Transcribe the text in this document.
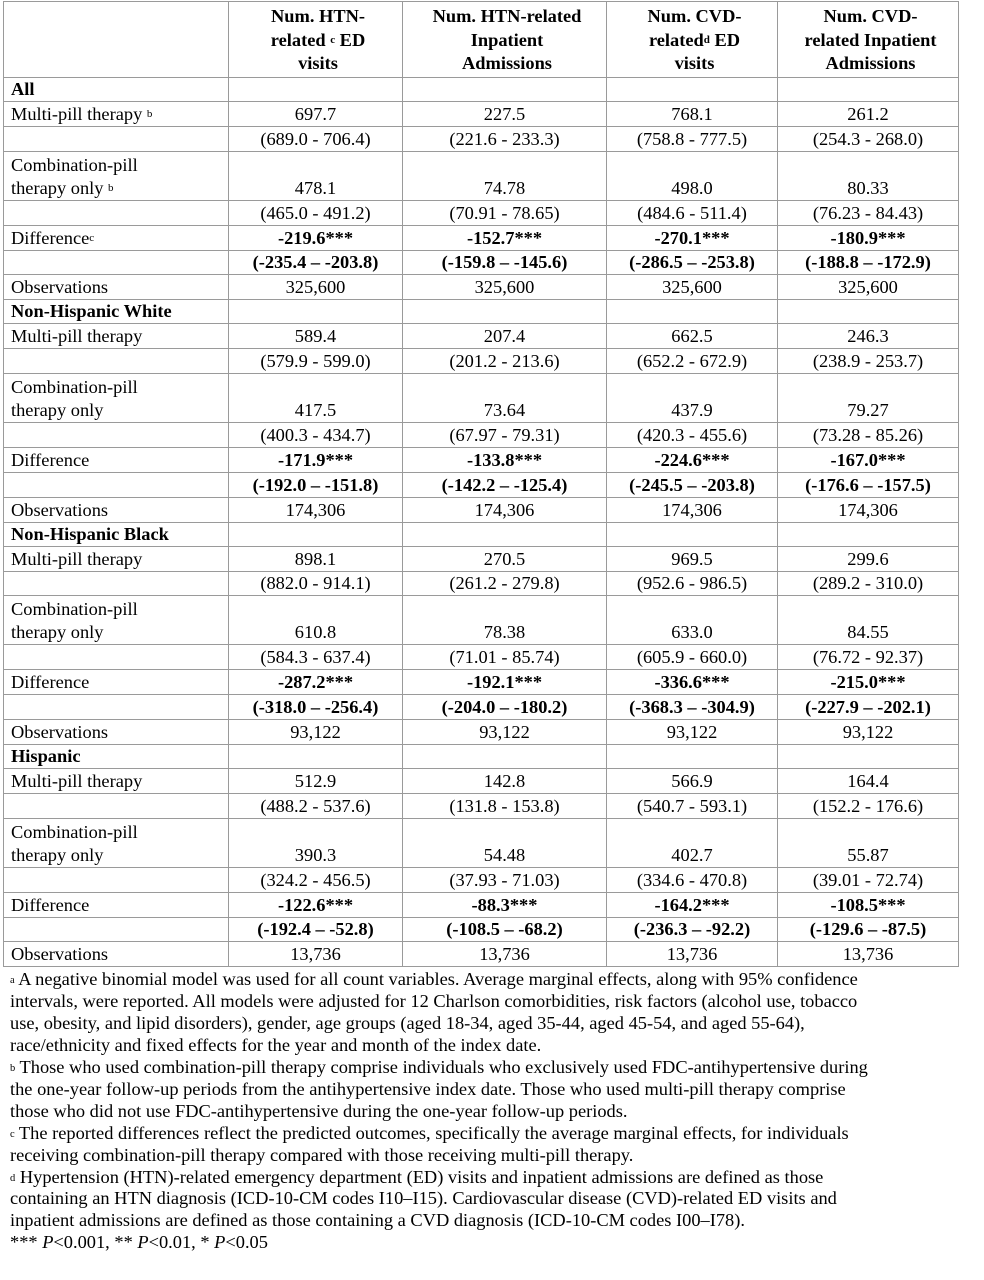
	Num. HTN-
related $^c$ ED
visits	Num. HTN-related
Inpatient
Admissions	Num. CVD-
related$^d$ ED
visits	Num. CVD-
related Inpatient
Admissions
All				
Multi-pill therapy $^b$	697.7	227.5	768.1	261.2
	(689.0 - 706.4)	(221.6 - 233.3)	(758.8 - 777.5)	(254.3 - 268.0)
Combination-pill
therapy only $^b$	478.1	74.78	498.0	80.33
	(465.0 - 491.2)	(70.91 - 78.65)	(484.6 - 511.4)	(76.23 - 84.43)
Difference$^c$	-219.6***	-152.7***	-270.1***	-180.9***
	(-235.4 – -203.8)	(-159.8 – -145.6)	(-286.5 – -253.8)	(-188.8 – -172.9)
Observations	325,600	325,600	325,600	325,600
Non-Hispanic White				
Multi-pill therapy	589.4	207.4	662.5	246.3
	(579.9 - 599.0)	(201.2 - 213.6)	(652.2 - 672.9)	(238.9 - 253.7)
Combination-pill
therapy only	417.5	73.64	437.9	79.27
	(400.3 - 434.7)	(67.97 - 79.31)	(420.3 - 455.6)	(73.28 - 85.26)
Difference	-171.9***	-133.8***	-224.6***	-167.0***
	(-192.0 – -151.8)	(-142.2 – -125.4)	(-245.5 – -203.8)	(-176.6 – -157.5)
Observations	174,306	174,306	174,306	174,306
Non-Hispanic Black				
Multi-pill therapy	898.1	270.5	969.5	299.6
	(882.0 - 914.1)	(261.2 - 279.8)	(952.6 - 986.5)	(289.2 - 310.0)
Combination-pill
therapy only	610.8	78.38	633.0	84.55
	(584.3 - 637.4)	(71.01 - 85.74)	(605.9 - 660.0)	(76.72 - 92.37)
Difference	-287.2***	-192.1***	-336.6***	-215.0***
	(-318.0 – -256.4)	(-204.0 – -180.2)	(-368.3 – -304.9)	(-227.9 – -202.1)
Observations	93,122	93,122	93,122	93,122
Hispanic				
Multi-pill therapy	512.9	142.8	566.9	164.4
	(488.2 - 537.6)	(131.8 - 153.8)	(540.7 - 593.1)	(152.2 - 176.6)
Combination-pill
therapy only	390.3	54.48	402.7	55.87
	(324.2 - 456.5)	(37.93 - 71.03)	(334.6 - 470.8)	(39.01 - 72.74)
Difference	-122.6***	-88.3***	-164.2***	-108.5***
	(-192.4 – -52.8)	(-108.5 – -68.2)	(-236.3 – -92.2)	(-129.6 – -87.5)
Observations	13,736	13,736	13,736	13,736

$^a$ A negative binomial model was used for all count variables. Average marginal effects, along with 95% confidence
intervals, were reported. All models were adjusted for 12 Charlson comorbidities, risk factors (alcohol use, tobacco
use, obesity, and lipid disorders), gender, age groups (aged 18-34, aged 35-44, aged 45-54, and aged 55-64),
race/ethnicity and fixed effects for the year and month of the index date.

$^b$ Those who used combination-pill therapy comprise individuals who exclusively used FDC-antihypertensive during
the one-year follow-up periods from the antihypertensive index date. Those who used multi-pill therapy comprise
those who did not use FDC-antihypertensive during the one-year follow-up periods.

$^c$ The reported differences reflect the predicted outcomes, specifically the average marginal effects, for individuals
receiving combination-pill therapy compared with those receiving multi-pill therapy.

$^d$ Hypertension (HTN)-related emergency department (ED) visits and inpatient admissions are defined as those
containing an HTN diagnosis (ICD-10-CM codes I10–I15). Cardiovascular disease (CVD)-related ED visits and
inpatient admissions are defined as those containing a CVD diagnosis (ICD-10-CM codes I00–I78).

*** P<0.001, ** P<0.01, * P<0.05
